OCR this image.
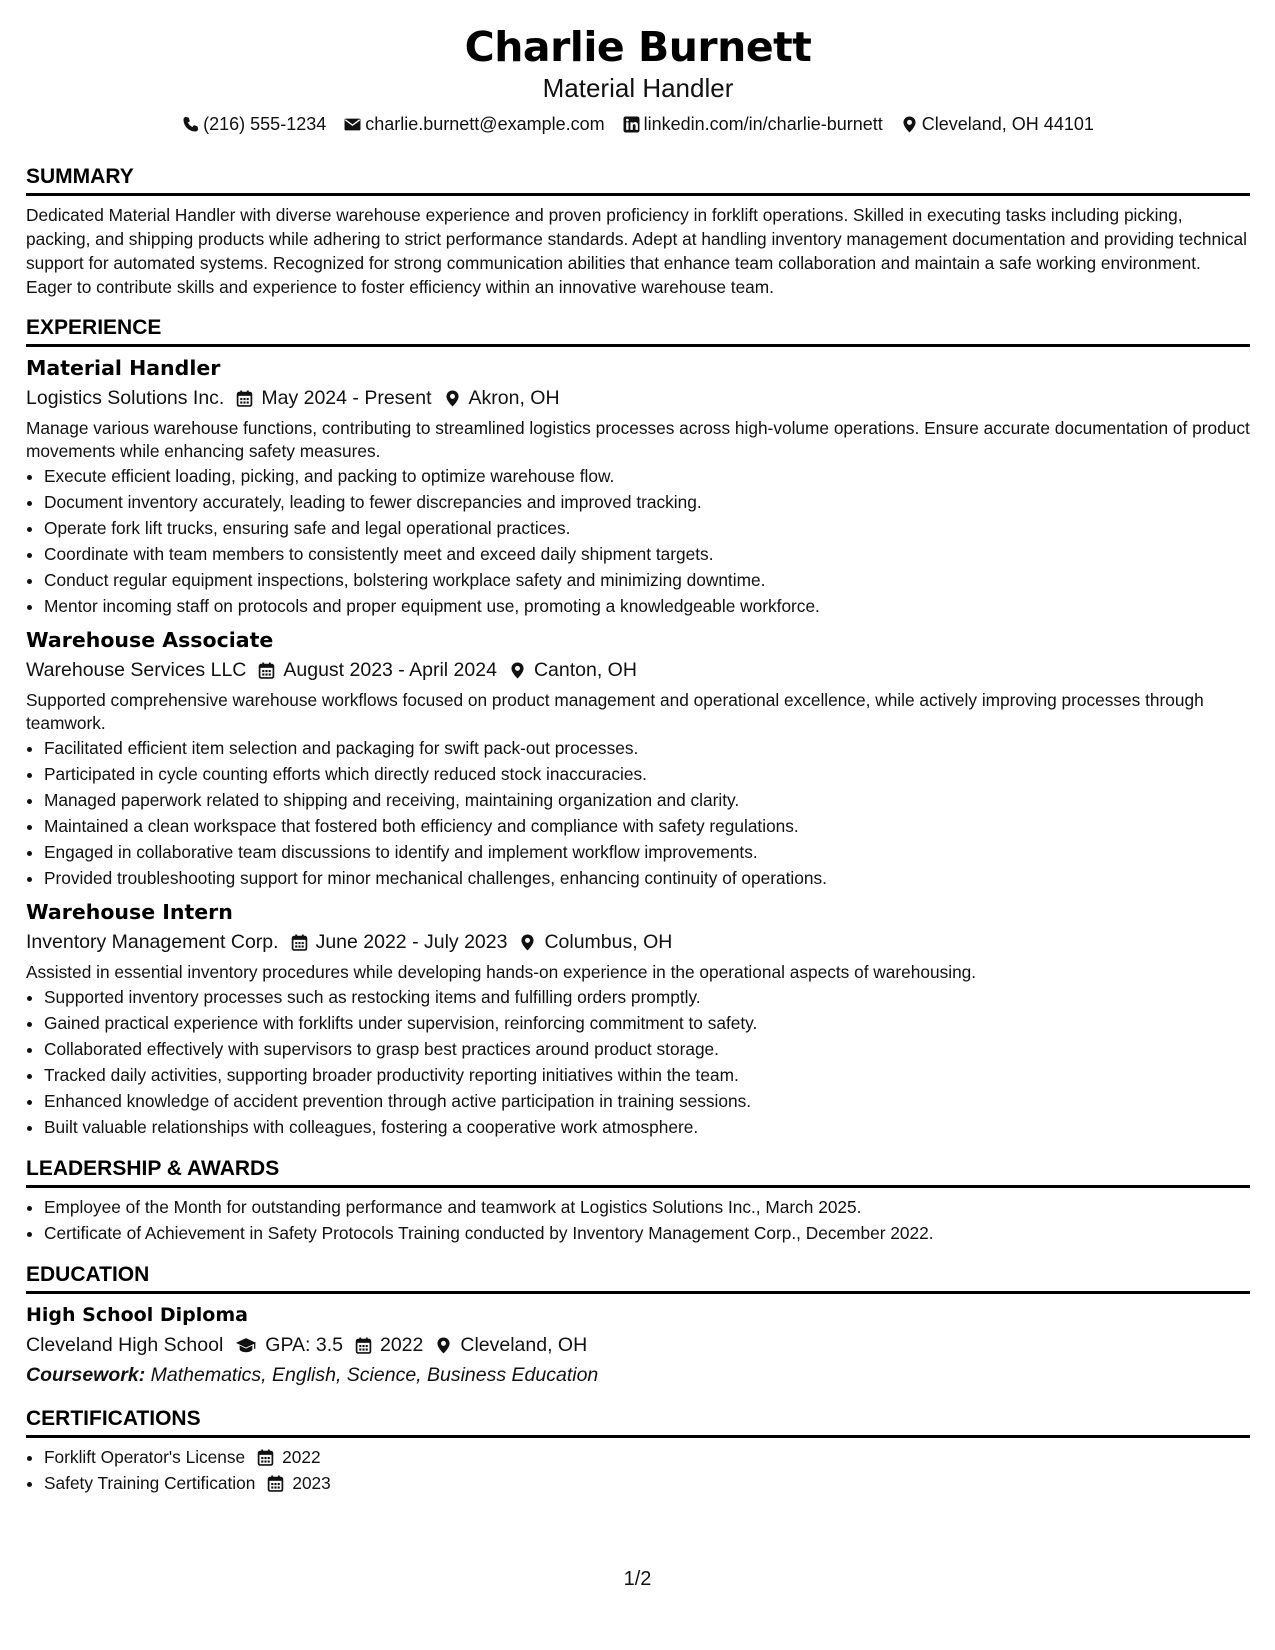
Charlie Burnett
Material Handler
(216) 555-1234 charlie.burnett@example.com linkedin.com/in/charlie-burnett Cleveland, OH 44101
SUMMARY
Dedicated Material Handler with diverse warehouse experience and proven proficiency in forklift operations. Skilled in executing tasks including picking, packing, and shipping products while adhering to strict performance standards. Adept at handling inventory management documentation and providing technical support for automated systems. Recognized for strong communication abilities that enhance team collaboration and maintain a safe working environment. Eager to contribute skills and experience to foster efficiency within an innovative warehouse team.
EXPERIENCE
Material Handler
Logistics Solutions Inc. May 2024 - Present Akron, OH
Manage various warehouse functions, contributing to streamlined logistics processes across high-volume operations. Ensure accurate documentation of product movements while enhancing safety measures.
• Execute efficient loading, picking, and packing to optimize warehouse flow.
• Document inventory accurately, leading to fewer discrepancies and improved tracking.
• Operate fork lift trucks, ensuring safe and legal operational practices.
• Coordinate with team members to consistently meet and exceed daily shipment targets.
• Conduct regular equipment inspections, bolstering workplace safety and minimizing downtime.
• Mentor incoming staff on protocols and proper equipment use, promoting a knowledgeable workforce.
Warehouse Associate
Warehouse Services LLC August 2023 - April 2024 Canton, OH
Supported comprehensive warehouse workflows focused on product management and operational excellence, while actively improving processes through teamwork.
• Facilitated efficient item selection and packaging for swift pack-out processes.
• Participated in cycle counting efforts which directly reduced stock inaccuracies.
• Managed paperwork related to shipping and receiving, maintaining organization and clarity.
• Maintained a clean workspace that fostered both efficiency and compliance with safety regulations.
• Engaged in collaborative team discussions to identify and implement workflow improvements.
• Provided troubleshooting support for minor mechanical challenges, enhancing continuity of operations.
Warehouse Intern
Inventory Management Corp. June 2022 - July 2023 Columbus, OH
Assisted in essential inventory procedures while developing hands-on experience in the operational aspects of warehousing.
• Supported inventory processes such as restocking items and fulfilling orders promptly.
• Gained practical experience with forklifts under supervision, reinforcing commitment to safety.
• Collaborated effectively with supervisors to grasp best practices around product storage.
• Tracked daily activities, supporting broader productivity reporting initiatives within the team.
• Enhanced knowledge of accident prevention through active participation in training sessions.
• Built valuable relationships with colleagues, fostering a cooperative work atmosphere.
LEADERSHIP & AWARDS
• Employee of the Month for outstanding performance and teamwork at Logistics Solutions Inc., March 2025.
• Certificate of Achievement in Safety Protocols Training conducted by Inventory Management Corp., December 2022.
EDUCATION
High School Diploma
Cleveland High School GPA: 3.5 2022 Cleveland, OH
Coursework: Mathematics, English, Science, Business Education
CERTIFICATIONS
• Forklift Operator's License 2022
• Safety Training Certification 2023
1/2
